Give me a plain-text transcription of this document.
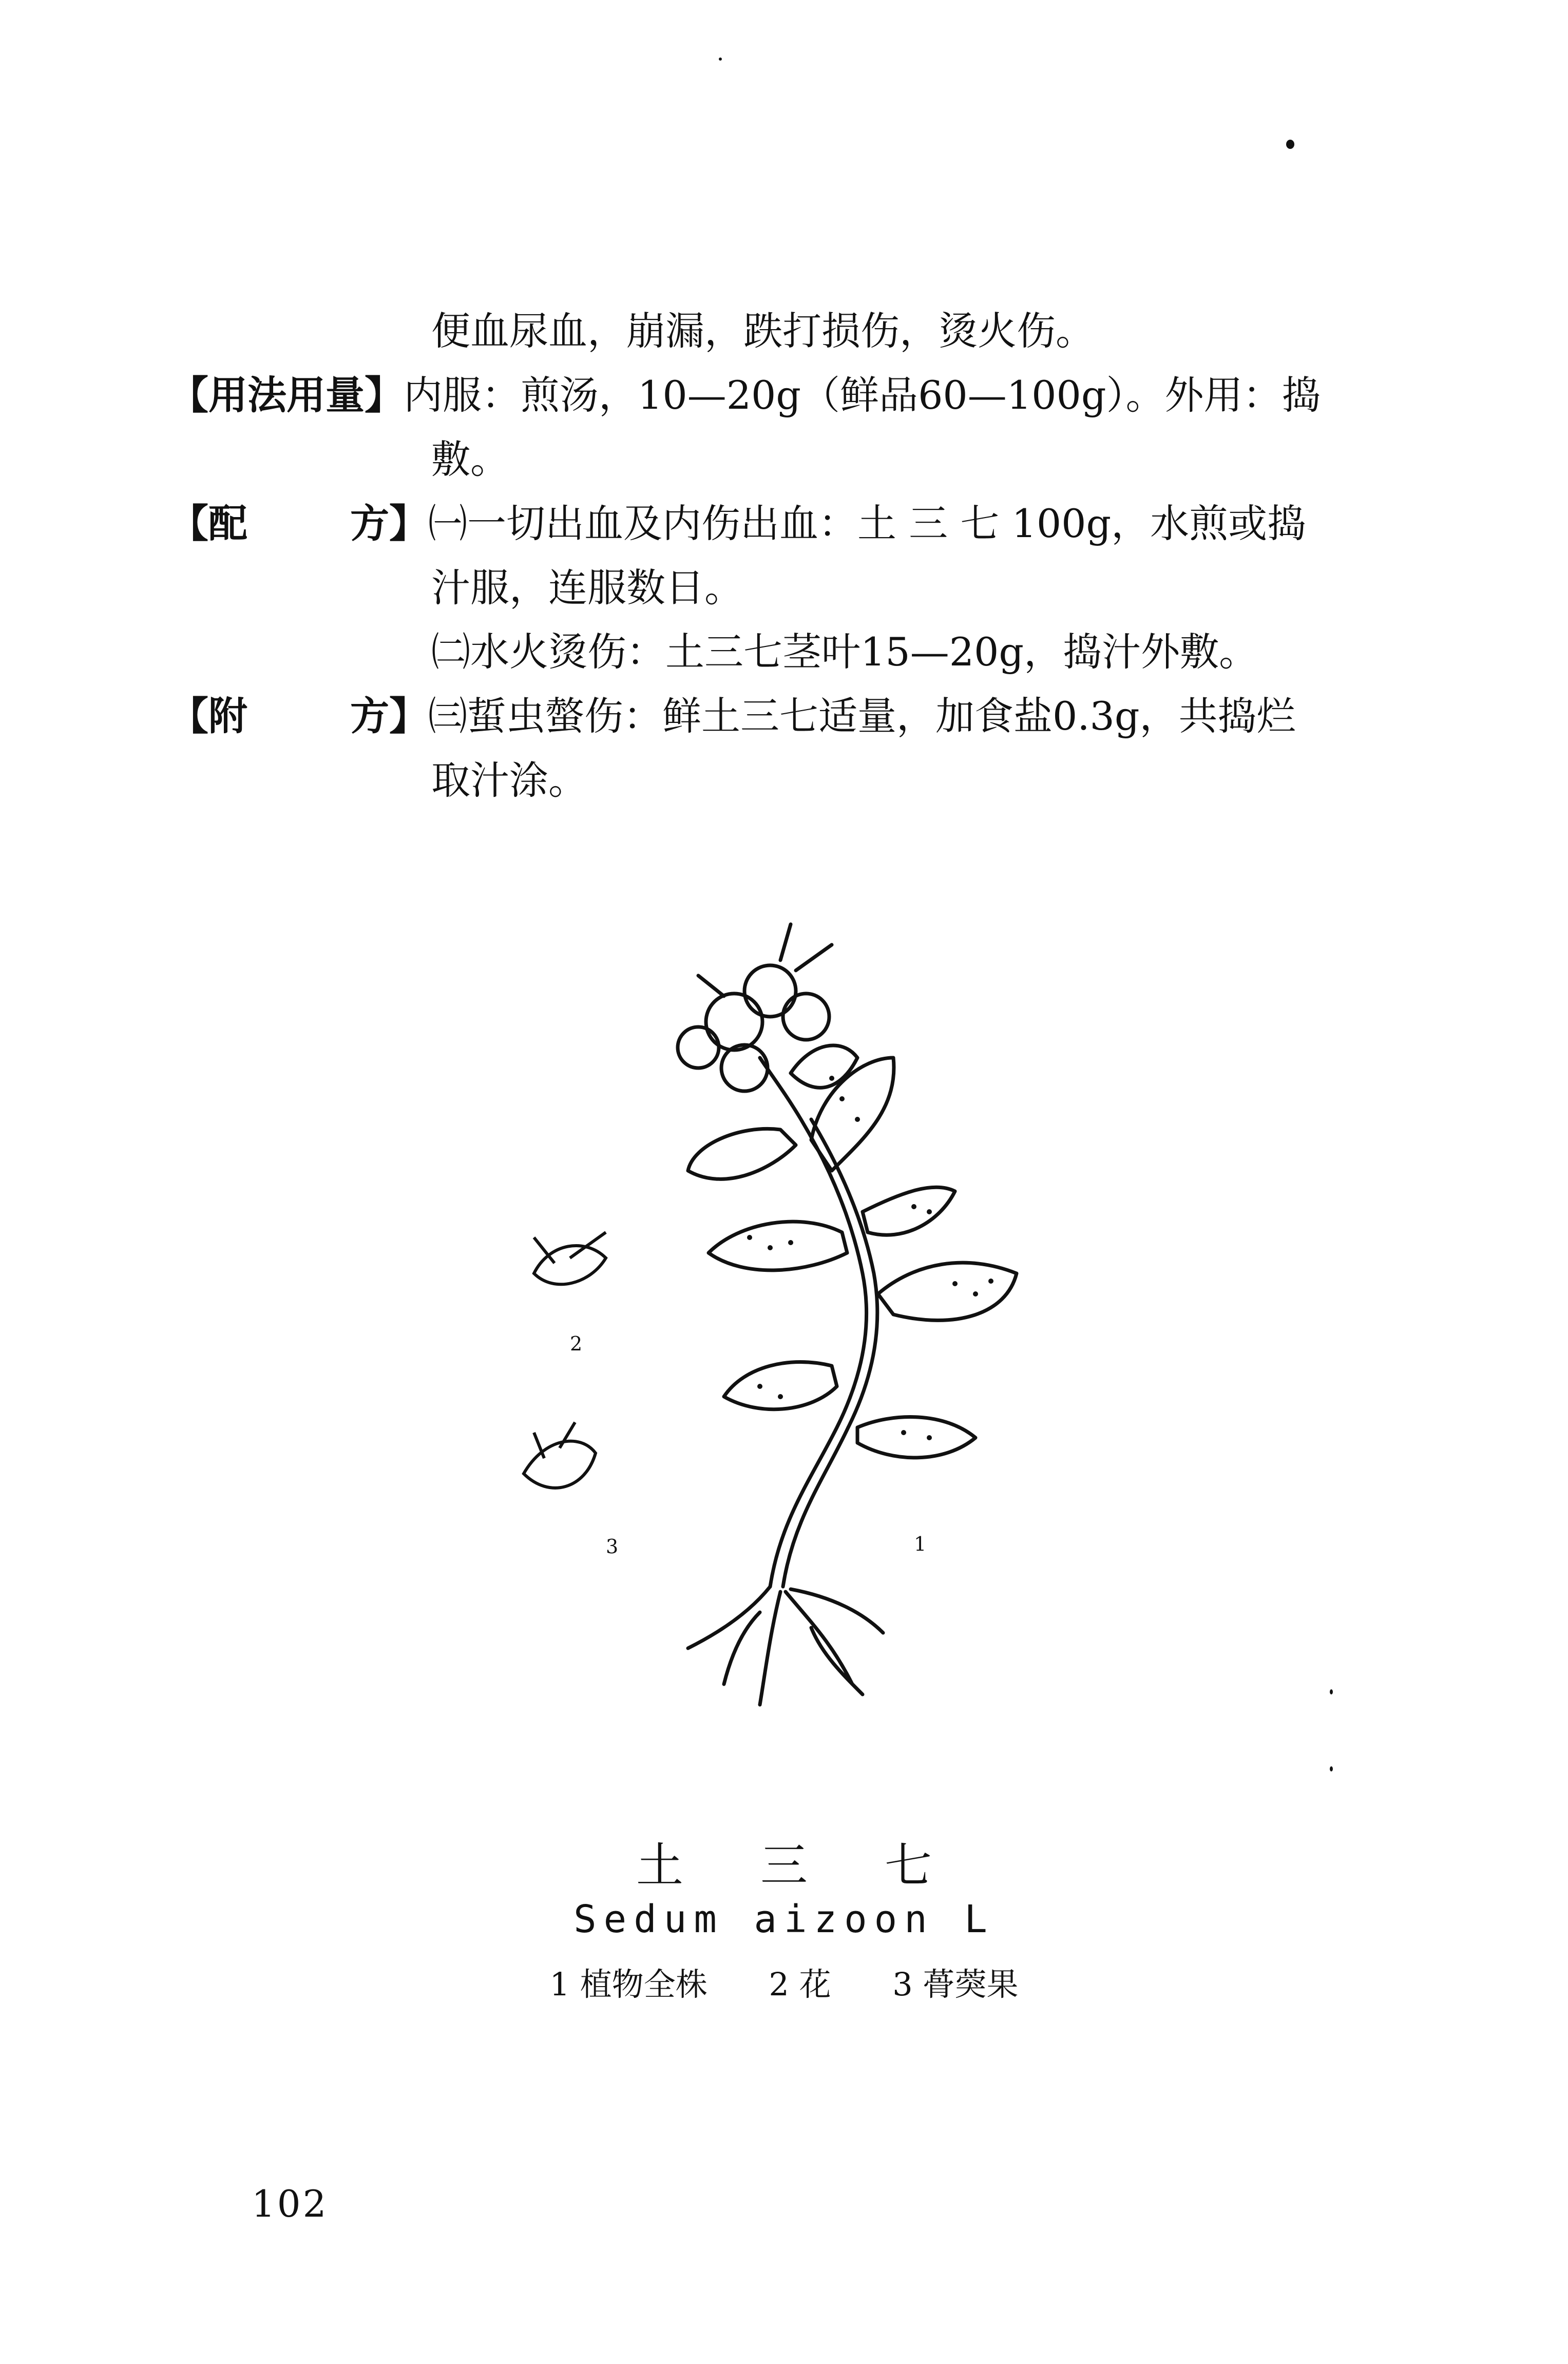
便血尿血，崩漏，跌打损伤，烫火伤。
【用法用量】内服：煎汤，10—20g（鲜品60—100g）。外用：捣
敷。
【配	方】㈠一切出血及内伤出血：土 三 七 100g，水煎或捣
汁服，连服数日。
㈡水火烫伤：土三七茎叶15—20g，捣汁外敷。
【附	方】㈢蜇虫螫伤：鲜土三七适量，加食盐0.3g，共捣烂
取汁涂。
2
3	1
土三七
Sedum aizoon L
1 植物全株 2 花 3 蓇葖果
102
